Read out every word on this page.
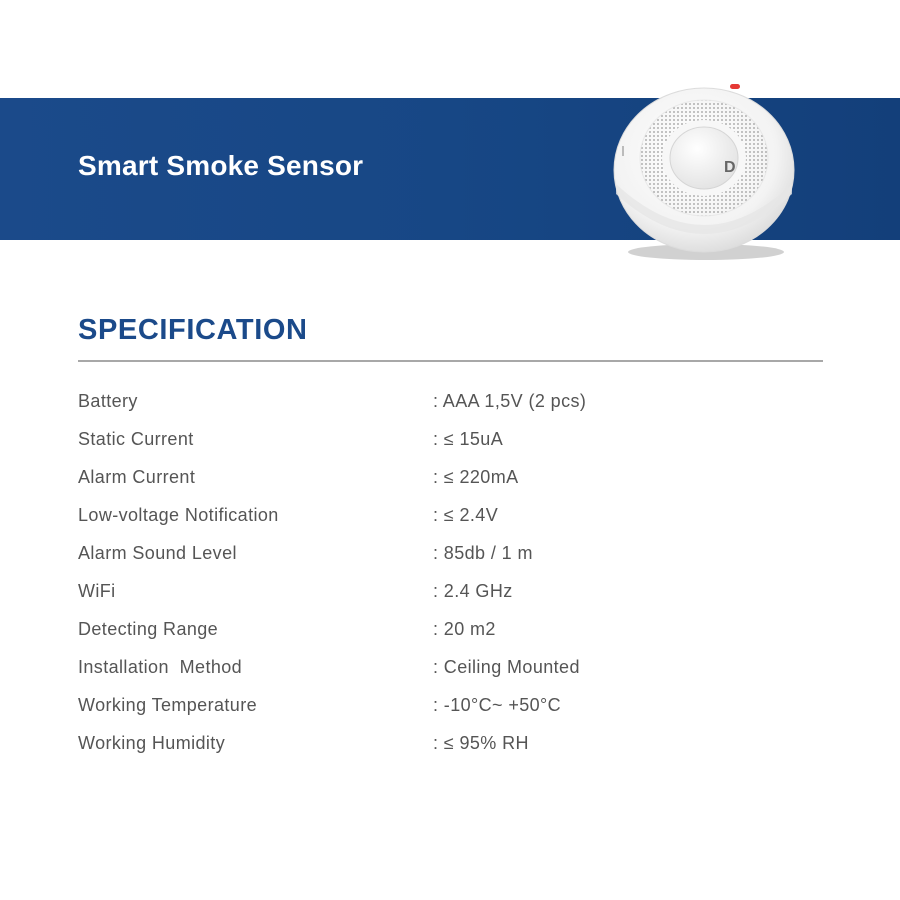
Smart Smoke Sensor	D
SPECIFICATION
Battery	: AAA 1,5V (2 pcs)
Static Current	: ≤ 15uA
Alarm Current	: ≤ 220mA
Low-voltage Notification	: ≤ 2.4V
Alarm Sound Level	: 85db / 1 m
WiFi	: 2.4 GHz
Detecting Range	: 20 m2
Installation  Method	: Ceiling Mounted
Working Temperature	: -10°C~ +50°C
Working Humidity	: ≤ 95% RH
